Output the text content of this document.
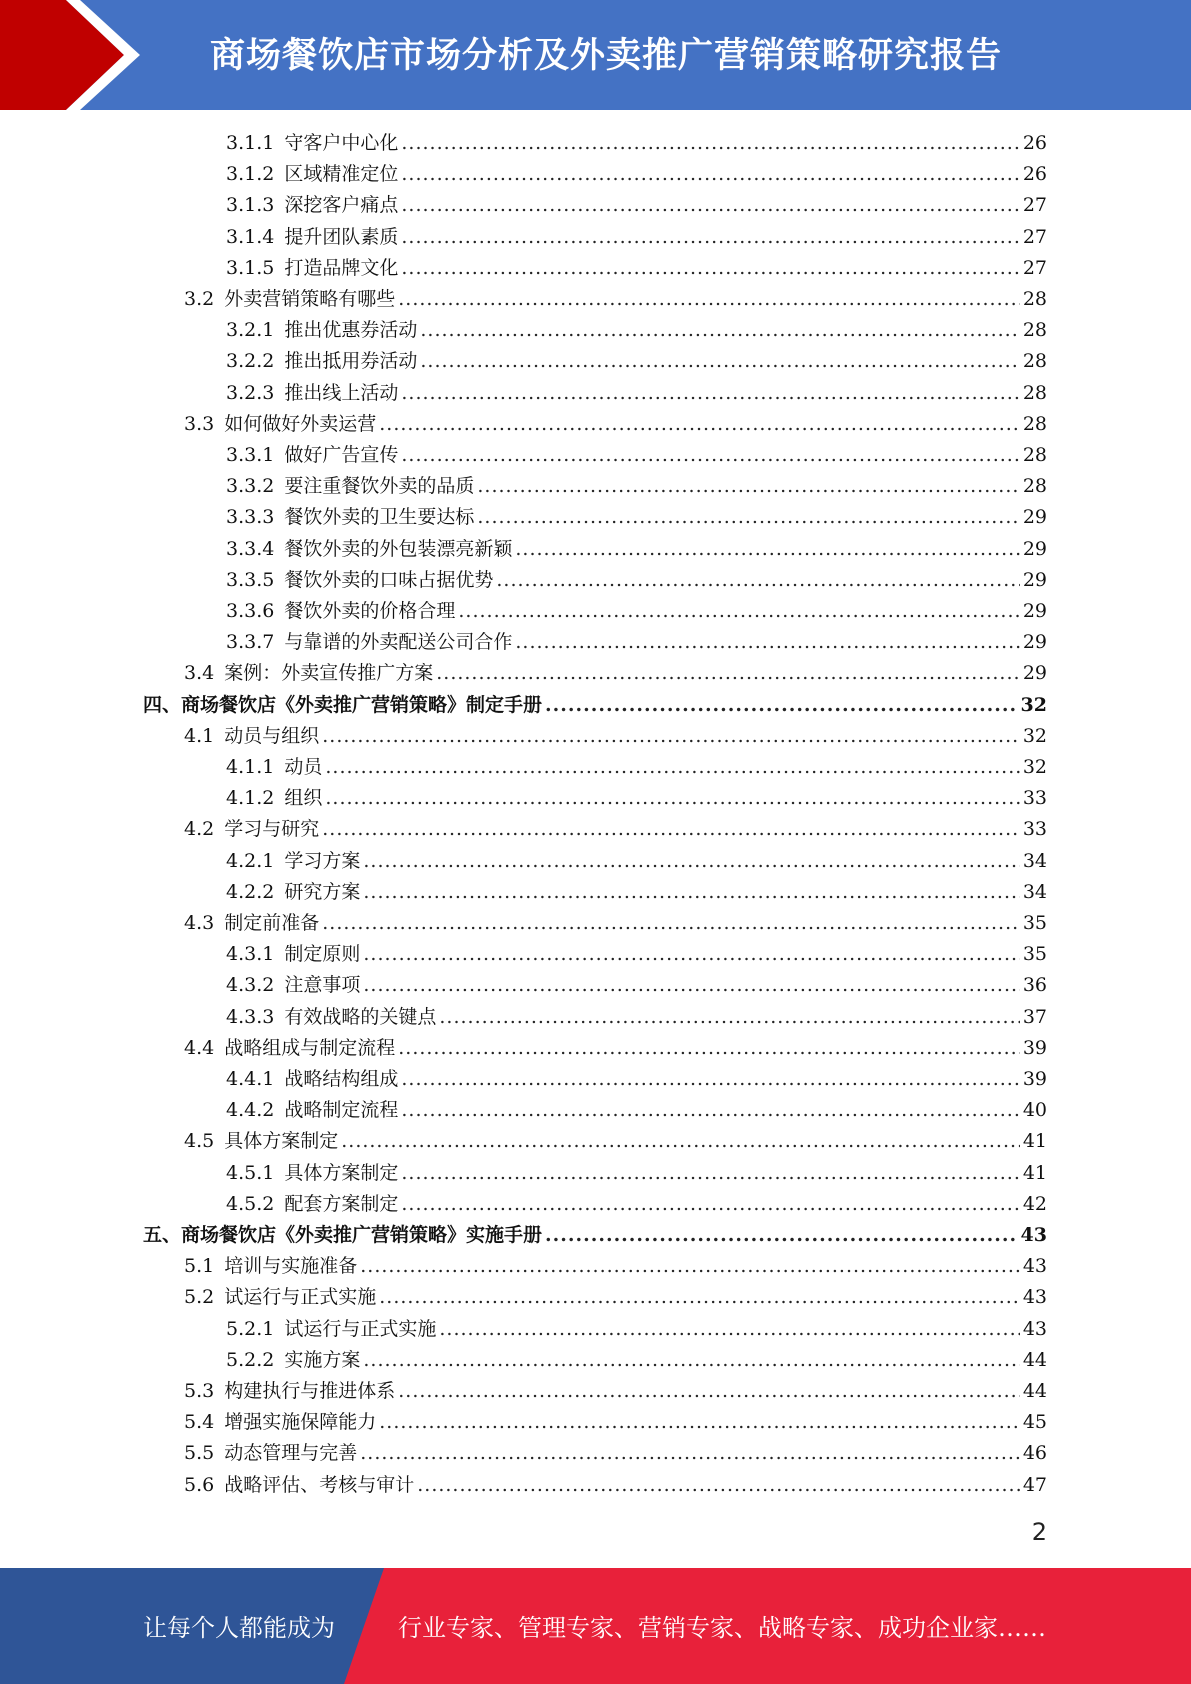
商场餐饮店市场分析及外卖推广营销策略研究报告
3.1.1 守客户中心化 .....	26
3.1.2 区域精准定位 .....	26
3.1.3 深挖客户痛点 .....	27
3.1.4 提升团队素质 .....	27
3.1.5 打造品牌文化 .....	27
3.2 外卖营销策略有哪些 .....	28
3.2.1 推出优惠券活动 .....	28
3.2.2 推出抵用券活动 .....	28
3.2.3 推出线上活动 .....	28
3.3 如何做好外卖运营 .....	28
3.3.1 做好广告宣传 .....	28
3.3.2 要注重餐饮外卖的品质 .....	28
3.3.3 餐饮外卖的卫生要达标 .....	29
3.3.4 餐饮外卖的外包装漂亮新颖 .....	29
3.3.5 餐饮外卖的口味占据优势 .....	29
3.3.6 餐饮外卖的价格合理 .....	29
3.3.7 与靠谱的外卖配送公司合作 .....	29
3.4 案例：外卖宣传推广方案 .....	29
四、 商场餐饮店《外卖推广营销策略》制定手册 .....	32
4.1 动员与组织 .....	32
4.1.1 动员 .....	32
4.1.2 组织 .....	33
4.2 学习与研究 .....	33
4.2.1 学习方案 .....	34
4.2.2 研究方案 .....	34
4.3 制定前准备 .....	35
4.3.1 制定原则 .....	35
4.3.2 注意事项 .....	36
4.3.3 有效战略的关键点 .....	37
4.4 战略组成与制定流程 .....	39
4.4.1 战略结构组成 .....	39
4.4.2 战略制定流程 .....	40
4.5 具体方案制定 .....	41
4.5.1 具体方案制定 .....	41
4.5.2 配套方案制定 .....	42
五、 商场餐饮店《外卖推广营销策略》实施手册 .....	43
5.1 培训与实施准备 .....	43
5.2 试运行与正式实施 .....	43
5.2.1 试运行与正式实施 .....	43
5.2.2 实施方案 .....	44
5.3 构建执行与推进体系 .....	44
5.4 增强实施保障能力 .....	45
5.5 动态管理与完善 .....	46
5.6 战略评估、考核与审计 .....	47
2
让每个人都能成为	行业专家、管理专家、营销专家、战略专家、成功企业家……
